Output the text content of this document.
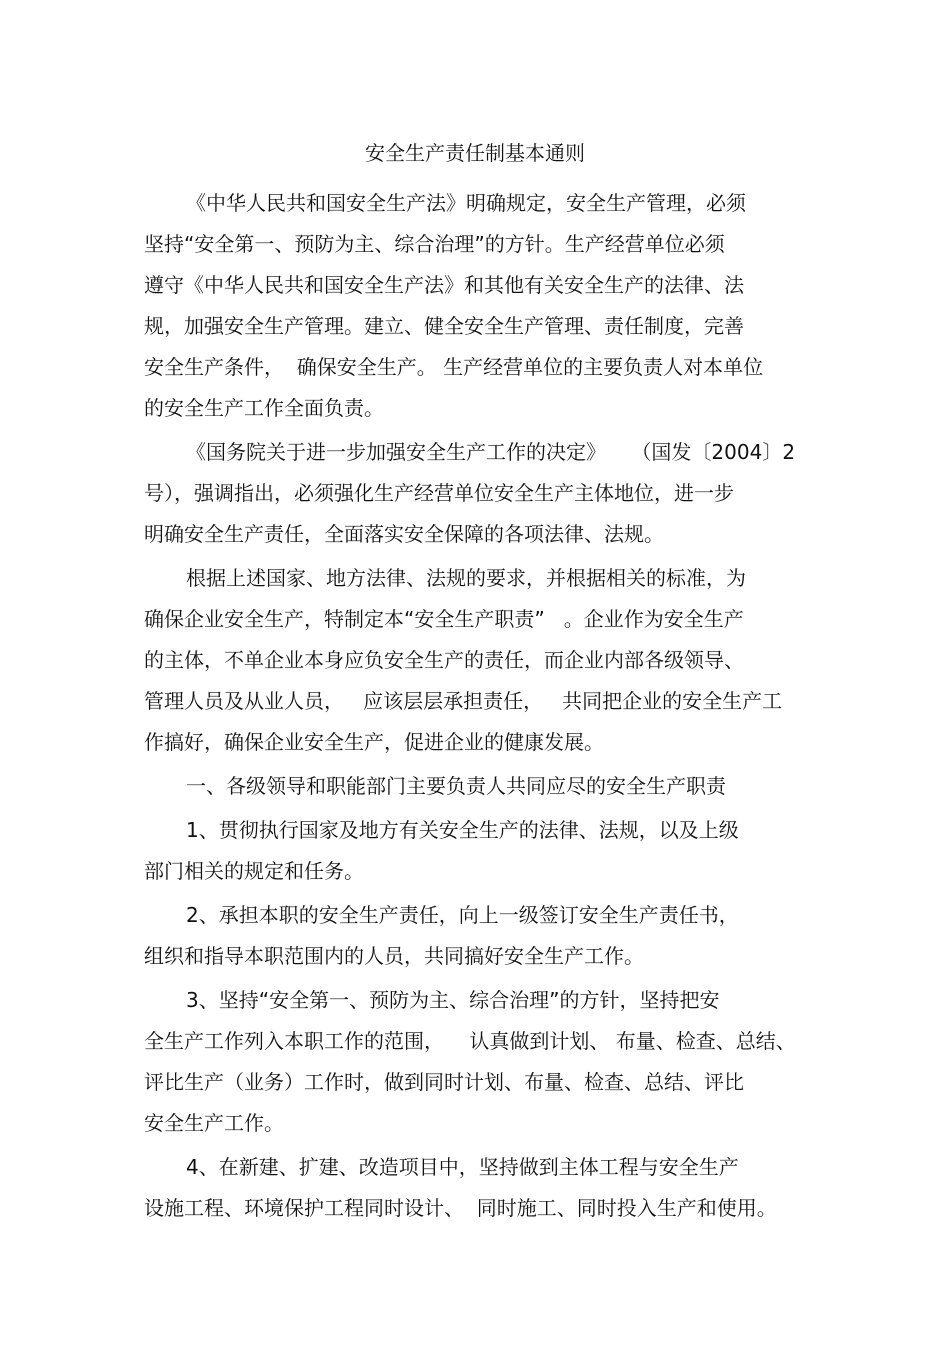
安全生产责任制基本通则
《中华人民共和国安全生产法》明确规定，安全生产管理，必须
坚持“安全第一、预防为主、综合治理”的方针。生产经营单位必须
遵守《中华人民共和国安全生产法》和其他有关安全生产的法律、法
规，加强安全生产管理。建立、健全安全生产管理、责任制度，完善
安全生产条件，  确保安全生产。 生产经营单位的主要负责人对本单位
的安全生产工作全面负责。
《国务院关于进一步加强安全生产工作的决定》    （国发〔2004〕2
号），强调指出，必须强化生产经营单位安全生产主体地位，进一步
明确安全生产责任，全面落实安全保障的各项法律、法规。
根据上述国家、地方法律、法规的要求，并根据相关的标准，为
确保企业安全生产，特制定本“安全生产职责”   。企业作为安全生产
的主体，不单企业本身应负安全生产的责任，而企业内部各级领导、
管理人员及从业人员，   应该层层承担责任，   共同把企业的安全生产工
作搞好，确保企业安全生产，促进企业的健康发展。
一、各级领导和职能部门主要负责人共同应尽的安全生产职责
1、贯彻执行国家及地方有关安全生产的法律、法规，以及上级
部门相关的规定和任务。
2、承担本职的安全生产责任，向上一级签订安全生产责任书，
组织和指导本职范围内的人员，共同搞好安全生产工作。
3、坚持“安全第一、预防为主、综合治理”的方针，坚持把安
全生产工作列入本职工作的范围，    认真做到计划、 布量、检查、总结、
评比生产（业务）工作时，做到同时计划、布量、检查、总结、评比
安全生产工作。
4、在新建、扩建、改造项目中，坚持做到主体工程与安全生产
设施工程、环境保护工程同时设计、  同时施工、同时投入生产和使用。
